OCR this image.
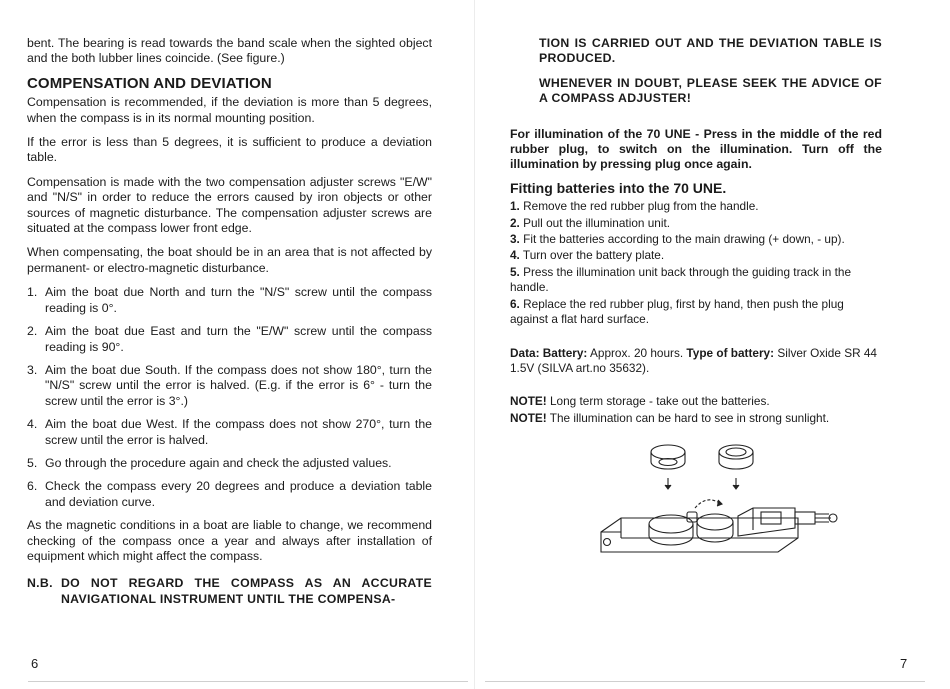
bent. The bearing is read towards the band scale when the sighted object and the both lubber lines coincide. (See figure.)

COMPENSATION AND DEVIATION

Compensation is recommended, if the deviation is more than 5 degrees, when the compass is in its normal mounting position.

If the error is less than 5 degrees, it is sufficient to produce a deviation table.

Compensation is made with the two compensation adjuster screws "E/W" and "N/S" in order to reduce the errors caused by iron objects or other sources of magnetic disturbance. The compensation adjuster screws are situated at the compass lower front edge.

When compensating, the boat should be in an area that is not affected by permanent- or electro-magnetic disturbance.

1. Aim the boat due North and turn the "N/S" screw until the compass reading is 0°.
2. Aim the boat due East and turn the "E/W" screw until the compass reading is 90°.
3. Aim the boat due South. If the compass does not show 180°, turn the "N/S" screw until the error is halved. (E.g. if the error is 6° - turn the screw until the error is 3°.)
4. Aim the boat due West. If the compass does not show 270°, turn the screw until the error is halved.
5. Go through the procedure again and check the adjusted values.
6. Check the compass every 20 degrees and produce a deviation table and deviation curve.

As the magnetic conditions in a boat are liable to change, we recommend checking of the compass once a year and always after installation of equipment which might affect the compass.

N.B. DO NOT REGARD THE COMPASS AS AN ACCURATE NAVIGATIONAL INSTRUMENT UNTIL THE COMPENSA-
6

TION IS CARRIED OUT AND THE DEVIATION TABLE IS PRODUCED.

WHENEVER IN DOUBT, PLEASE SEEK THE ADVICE OF A COMPASS ADJUSTER!

For illumination of the 70 UNE - Press in the middle of the red rubber plug, to switch on the illumination. Turn off the illumination by pressing plug once again.

Fitting batteries into the 70 UNE.
1. Remove the red rubber plug from the handle.
2. Pull out the illumination unit.
3. Fit the batteries according to the main drawing (+ down, - up).
4. Turn over the battery plate.
5. Press the illumination unit back through the guiding track in the handle.
6. Replace the red rubber plug, first by hand, then push the plug against a flat hard surface.

Data: Battery: Approx. 20 hours. Type of battery: Silver Oxide SR 44 1.5V (SILVA art.no 35632).

NOTE! Long term storage - take out the batteries.

NOTE! The illumination can be hard to see in strong sunlight.

7
